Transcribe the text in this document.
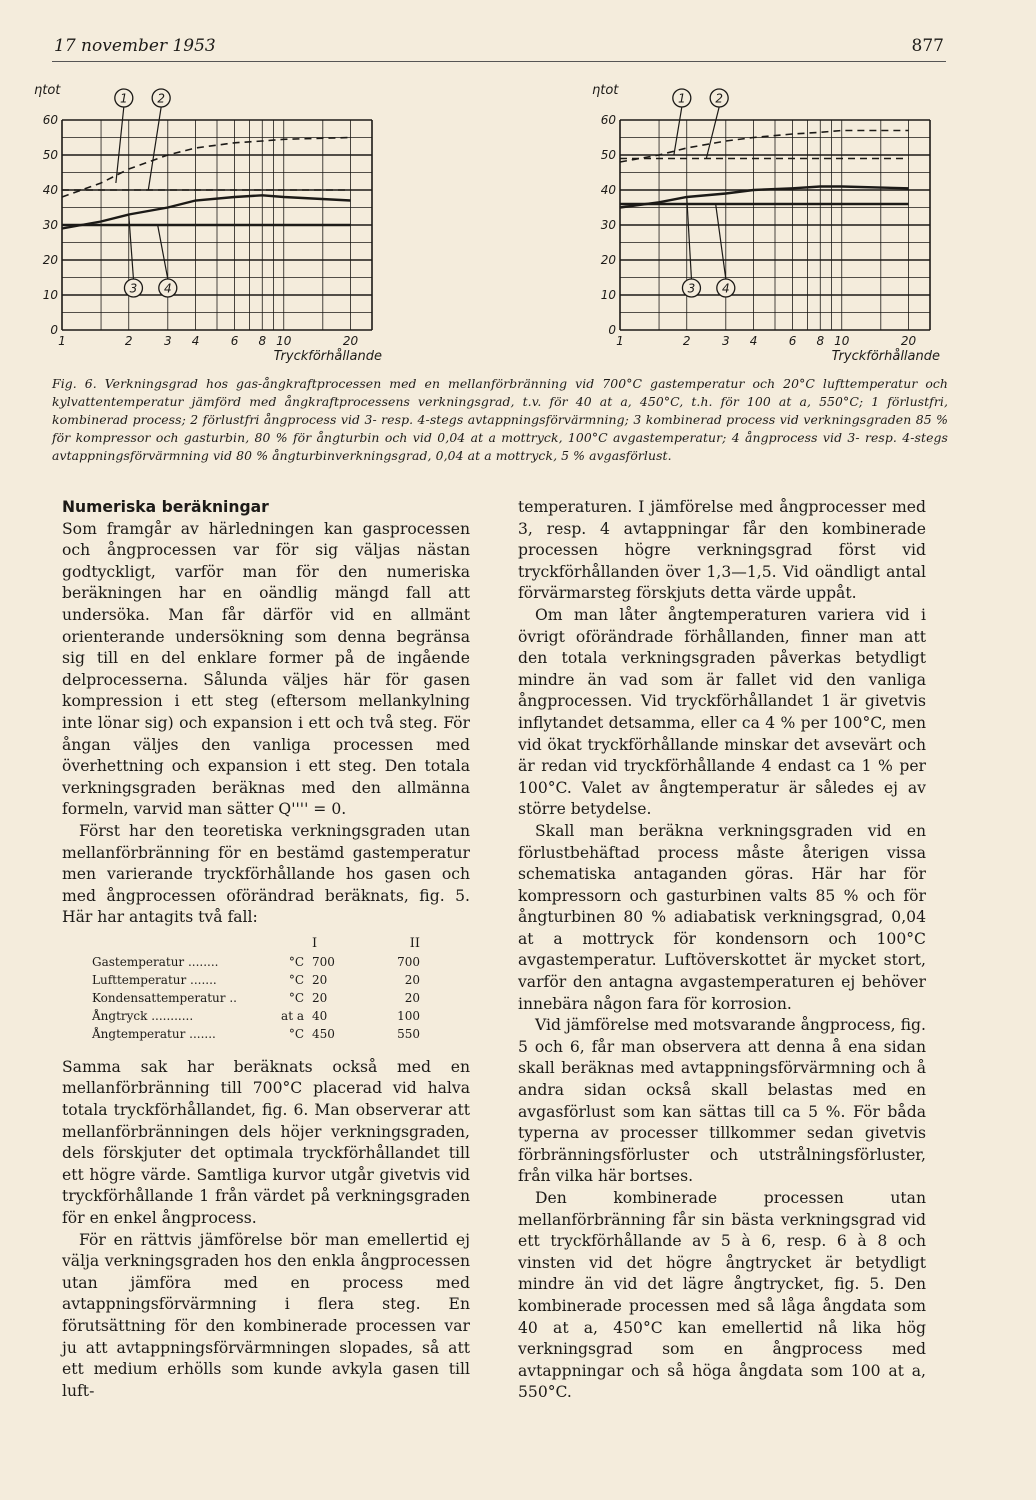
17 november 1953	877
0
10
20
30
40
50
60
1	2	3 4	6 8 10	20
Tryckförhållande
ηtot
1 2
3 4
0
10
20
30
40
50
60
1	2	3 4	6 8 10	20
Tryckförhållande
ηtot
1 2
3 4
Fig. 6. Verkningsgrad hos gas-ångkraftprocessen med en mellanförbränning vid 700°C gastemperatur och 20°C lufttemperatur och kylvattentemperatur jämförd med ångkraftprocessens verkningsgrad, t.v. för 40 at a, 450°C, t.h. för 100 at a, 550°C; 1 förlustfri, kombinerad process; 2 förlustfri ångprocess vid 3- resp. 4-stegs avtappningsförvärmning; 3 kombinerad process vid verkningsgraden 85 % för kompressor och gasturbin, 80 % för ångturbin och vid 0,04 at a mottryck, 100°C avgastemperatur; 4 ångprocess vid 3- resp. 4-stegs avtappningsförvärmning vid 80 % ångturbinverkningsgrad, 0,04 at a mottryck, 5 % avgasförlust.
Numeriska beräkningar

Som framgår av härledningen kan gasprocessen och ångprocessen var för sig väljas nästan godtyckligt, varför man för den numeriska beräkningen har en oändlig mängd fall att undersöka. Man får därför vid en allmänt orienterande undersökning som denna begränsa sig till en del enklare former på de ingående delprocesserna. Sålunda väljes här för gasen kompression i ett steg (eftersom mellankylning inte lönar sig) och expansion i ett och två steg. För ångan väljes den vanliga processen med överhettning och expansion i ett steg. Den totala verkningsgraden beräknas med den allmänna formeln, varvid man sätter Q'''' = 0.

Först har den teoretiska verkningsgraden utan mellanförbränning för en bestämd gastemperatur men varierande tryckförhållande hos gasen och med ångprocessen oförändrad beräknats, fig. 5. Här har antagits två fall:

		I	II
Gastemperatur ........	°C	700	700
Lufttemperatur .......	°C	20	20
Kondensattemperatur ..	°C	20	20
Ångtryck ...........	at a	40	100
Ångtemperatur .......	°C	450	550

Samma sak har beräknats också med en mellanförbränning till 700°C placerad vid halva totala tryckförhållandet, fig. 6. Man observerar att mellanförbränningen dels höjer verkningsgraden, dels förskjuter det optimala tryckförhållandet till ett högre värde. Samtliga kurvor utgår givetvis vid tryckförhållande 1 från värdet på verkningsgraden för en enkel ångprocess.

För en rättvis jämförelse bör man emellertid ej välja verkningsgraden hos den enkla ångprocessen utan jämföra med en process med avtappningsförvärmning i flera steg. En förutsättning för den kombinerade processen var ju att avtappningsförvärmningen slopades, så att ett medium erhölls som kunde avkyla gasen till luft-

temperaturen. I jämförelse med ångprocesser med 3, resp. 4 avtappningar får den kombinerade processen högre verkningsgrad först vid tryckförhållanden över 1,3—1,5. Vid oändligt antal förvärmarsteg förskjuts detta värde uppåt.

Om man låter ångtemperaturen variera vid i övrigt oförändrade förhållanden, finner man att den totala verkningsgraden påverkas betydligt mindre än vad som är fallet vid den vanliga ångprocessen. Vid tryckförhållandet 1 är givetvis inflytandet detsamma, eller ca 4 % per 100°C, men vid ökat tryckförhållande minskar det avsevärt och är redan vid tryckförhållande 4 endast ca 1 % per 100°C. Valet av ångtemperatur är således ej av större betydelse.

Skall man beräkna verkningsgraden vid en förlustbehäftad process måste återigen vissa schematiska antaganden göras. Här har för kompressorn och gasturbinen valts 85 % och för ångturbinen 80 % adiabatisk verkningsgrad, 0,04 at a mottryck för kondensorn och 100°C avgastemperatur. Luftöverskottet är mycket stort, varför den antagna avgastemperaturen ej behöver innebära någon fara för korrosion.

Vid jämförelse med motsvarande ångprocess, fig. 5 och 6, får man observera att denna å ena sidan skall beräknas med avtappningsförvärmning och å andra sidan också skall belastas med en avgasförlust som kan sättas till ca 5 %. För båda typerna av processer tillkommer sedan givetvis förbränningsförluster och utstrålningsförluster, från vilka här bortses.

Den kombinerade processen utan mellanförbränning får sin bästa verkningsgrad vid ett tryckförhållande av 5 à 6, resp. 6 à 8 och vinsten vid det högre ångtrycket är betydligt mindre än vid det lägre ångtrycket, fig. 5. Den kombinerade processen med så låga ångdata som 40 at a, 450°C kan emellertid nå lika hög verkningsgrad som en ångprocess med avtappningar och så höga ångdata som 100 at a, 550°C.
